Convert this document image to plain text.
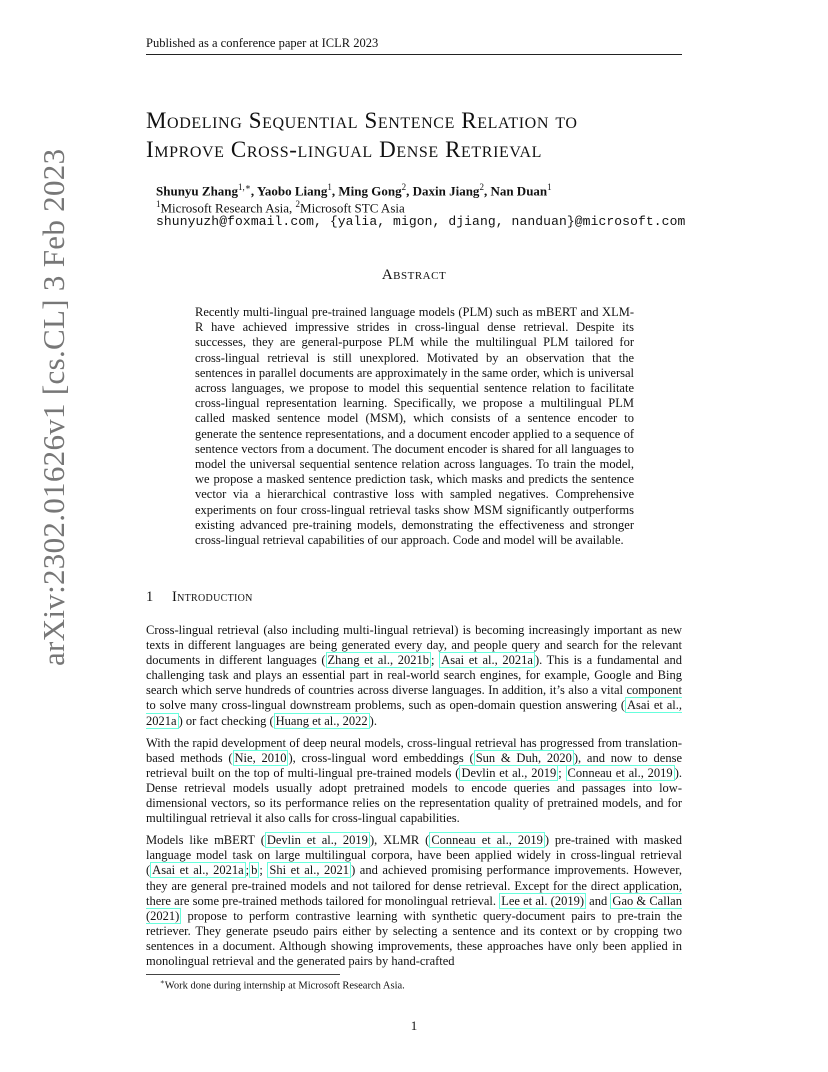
Published as a conference paper at ICLR 2023
arXiv:2302.01626v1 [cs.CL] 3 Feb 2023
Modeling Sequential Sentence Relation to
Improve Cross-lingual Dense Retrieval
Shunyu Zhang$^{1,∗}$, Yaobo Liang$^1$, Ming Gong$^2$, Daxin Jiang$^2$, Nan Duan$^1$
$^1$Microsoft Research Asia, $^2$Microsoft STC Asia
shunyuzh@foxmail.com, {yalia, migon, djiang, nanduan}@microsoft.com
Abstract
Recently multi-lingual pre-trained language models (PLM) such as mBERT and XLM-R have achieved impressive strides in cross-lingual dense retrieval. Despite its successes, they are general-purpose PLM while the multilingual PLM tailored for cross-lingual retrieval is still unexplored. Motivated by an observation that the sentences in parallel documents are approximately in the same order, which is universal across languages, we propose to model this sequential sentence relation to facilitate cross-lingual representation learning. Specifically, we propose a multilingual PLM called masked sentence model (MSM), which consists of a sentence encoder to generate the sentence representations, and a document encoder applied to a sequence of sentence vectors from a document. The document encoder is shared for all languages to model the universal sequential sentence relation across languages. To train the model, we propose a masked sentence prediction task, which masks and predicts the sentence vector via a hierarchical contrastive loss with sampled negatives. Comprehensive experiments on four cross-lingual retrieval tasks show MSM significantly outperforms existing advanced pre-training models, demonstrating the effectiveness and stronger cross-lingual retrieval capabilities of our approach. Code and model will be available.
1 Introduction

Cross-lingual retrieval (also including multi-lingual retrieval) is becoming increasingly important as new texts in different languages are being generated every day, and people query and search for the relevant documents in different languages ( Zhang et al., 2021b ; Asai et al., 2021a ). This is a fundamental and challenging task and plays an essential part in real-world search engines, for example, Google and Bing search which serve hundreds of countries across diverse languages. In addition, it’s also a vital component to solve many cross-lingual downstream problems, such as open-domain question answering ( Asai et al., 2021a ) or fact checking ( Huang et al., 2022 ).

With the rapid development of deep neural models, cross-lingual retrieval has progressed from translation-based methods ( Nie, 2010 ), cross-lingual word embeddings ( Sun & Duh, 2020 ), and now to dense retrieval built on the top of multi-lingual pre-trained models ( Devlin et al., 2019 ; Conneau et al., 2019 ). Dense retrieval models usually adopt pretrained models to encode queries and passages into low-dimensional vectors, so its performance relies on the representation quality of pretrained models, and for multilingual retrieval it also calls for cross-lingual capabilities.

Models like mBERT ( Devlin et al., 2019 ), XLMR ( Conneau et al., 2019 ) pre-trained with masked language model task on large multilingual corpora, have been applied widely in cross-lingual retrieval ( Asai et al., 2021a ; b ; Shi et al., 2021 ) and achieved promising performance improvements. However, they are general pre-trained models and not tailored for dense retrieval. Except for the direct application, there are some pre-trained methods tailored for monolingual retrieval. Lee et al. (2019) and Gao & Callan (2021) propose to perform contrastive learning with synthetic query-document pairs to pre-train the retriever. They generate pseudo pairs either by selecting a sentence and its context or by cropping two sentences in a document. Although showing improvements, these approaches have only been applied in monolingual retrieval and the generated pairs by hand-crafted

∗Work done during internship at Microsoft Research Asia.
1
